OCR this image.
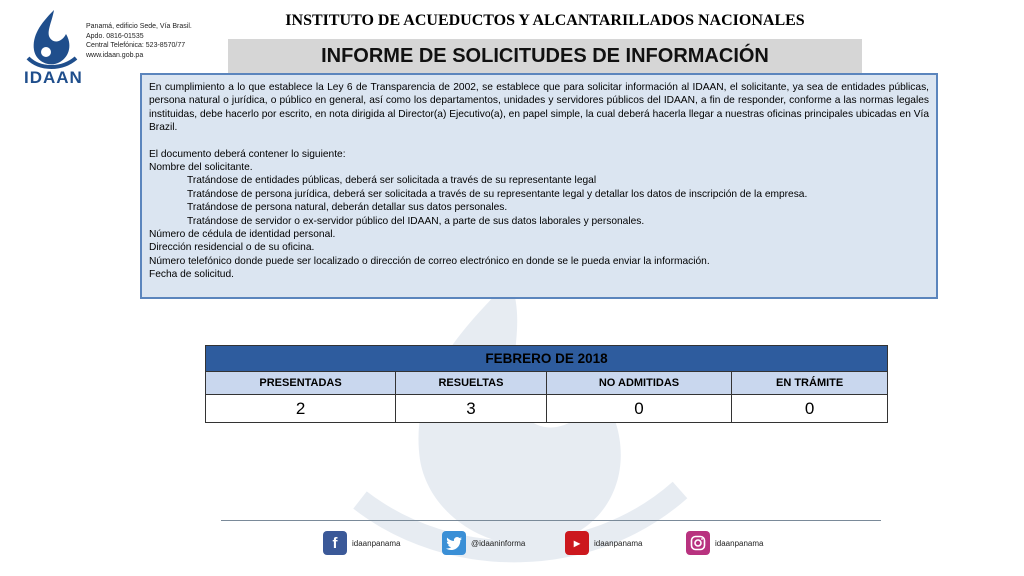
IDAAN
Panamá, edificio Sede, Vía Brasil.
Apdo. 0816-01535
Central Telefónica: 523-8570/77
www.idaan.gob.pa
INSTITUTO DE ACUEDUCTOS Y ALCANTARILLADOS NACIONALES
INFORME DE SOLICITUDES DE INFORMACIÓN

En cumplimiento a lo que establece la Ley 6 de Transparencia de 2002, se establece que para solicitar información al IDAAN, el solicitante, ya sea de entidades públicas, persona natural o jurídica, o público en general, así como los departamentos, unidades y servidores públicos del IDAAN, a fin de responder, conforme a las normas legales instituidas, debe hacerlo por escrito, en nota dirigida al Director(a) Ejecutivo(a), en papel simple, la cual deberá hacerla llegar a nuestras oficinas principales ubicadas en Vía Brazil.

El documento deberá contener lo siguiente:
Nombre del solicitante.
Tratándose de entidades públicas, deberá ser solicitada a través de su representante legal
Tratándose de persona jurídica, deberá ser solicitada a través de su representante legal y detallar los datos de inscripción de la empresa.
Tratándose de persona natural, deberán detallar sus datos personales.
Tratándose de servidor o ex-servidor público del IDAAN, a parte de sus datos laborales y personales.
Número de cédula de identidad personal.
Dirección residencial o de su oficina.
Número telefónico donde puede ser localizado o dirección de correo electrónico en donde se le pueda enviar la información.
Fecha de solicitud.
FEBRERO DE 2018			
PRESENTADAS	RESUELTAS	NO ADMITIDAS	EN TRÁMITE
2	3	0	0
f	idaanpanama	@idaaninforma	▶	idaanpanama	idaanpanama
